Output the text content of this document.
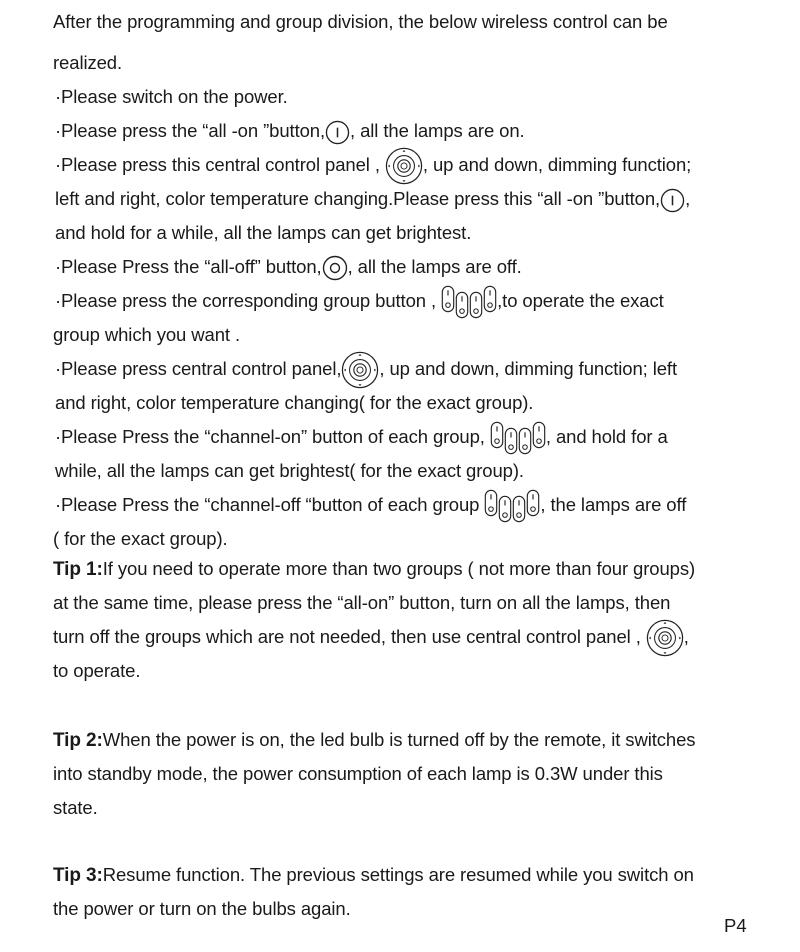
After the programming and group division, the below wireless control can be
realized.
·Please switch on the power.
·Please press the “all -on ”button, , all the lamps are on.
·Please press this central control panel , , up and down, dimming function;
left and right, color temperature changing.Please press this “all -on ”button, ,
and hold for a while, all the lamps can get brightest.
·Please Press the “all-off” button, , all the lamps are off.
·Please press the corresponding group button ,	,to operate the exact
group which you want .
·Please press central control panel, , up and down, dimming function; left
and right, color temperature changing( for the exact group).
·Please Press the “channel-on” button of each group,	, and hold for a
while, all the lamps can get brightest( for the exact group).
·Please Press the “channel-off “button of each group	, the lamps are off
( for the exact group).
Tip 1:If you need to operate more than two groups ( not more than four groups)
at the same time, please press the “all-on” button, turn on all the lamps, then
turn off the groups which are not needed, then use central control panel , ,
to operate.
Tip 2:When the power is on, the led bulb is turned off by the remote, it switches
into standby mode, the power consumption of each lamp is 0.3W under this
state.
Tip 3:Resume function. The previous settings are resumed while you switch on
the power or turn on the bulbs again.
P4
